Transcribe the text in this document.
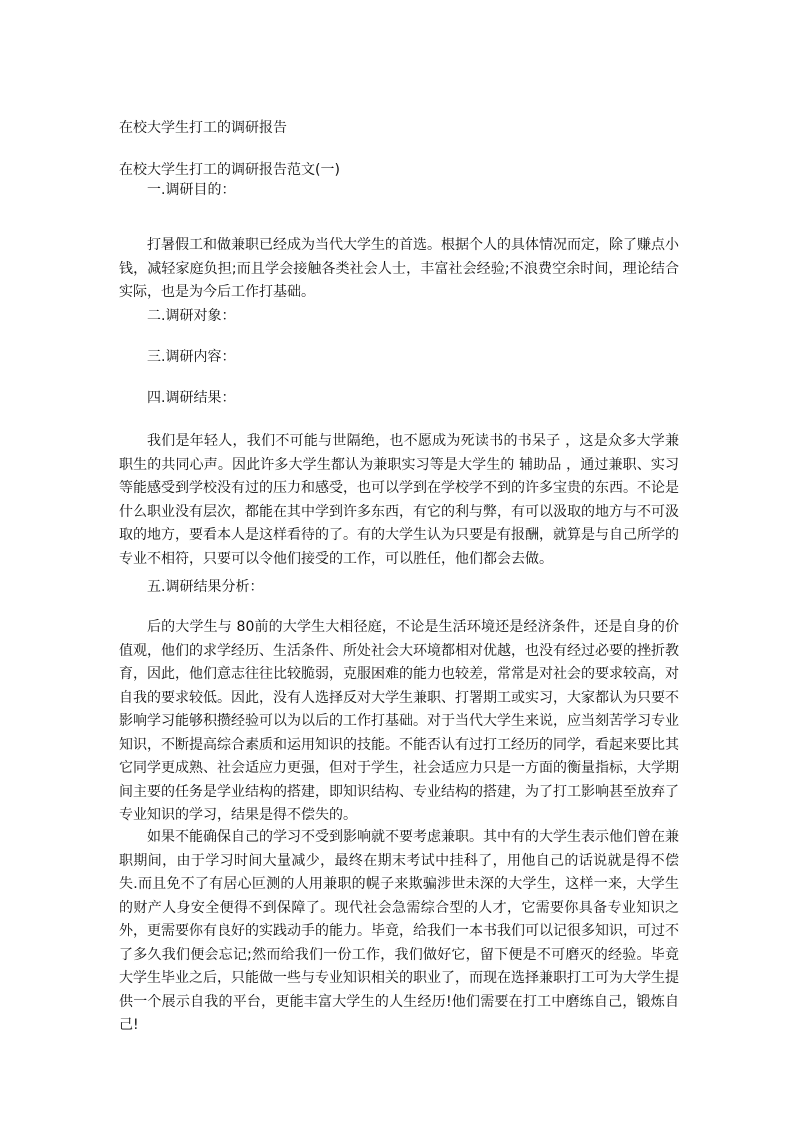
在校大学生打工的调研报告
在校大学生打工的调研报告范文(一)
一.调研目的：

打暑假工和做兼职已经成为当代大学生的首选。根据个人的具体情况而定，除了赚点小钱，减轻家庭负担;而且学会接触各类社会人士，丰富社会经验;不浪费空余时间，理论结合实际，也是为今后工作打基础。

二.调研对象：
三.调研内容：
四.调研结果：

我们是年轻人，我们不可能与世隔绝，也不愿成为死读书的书呆子 ，这是众多大学兼职生的共同心声。因此许多大学生都认为兼职实习等是大学生的 辅助品 ，通过兼职、实习等能感受到学校没有过的压力和感受，也可以学到在学校学不到的许多宝贵的东西。不论是什么职业没有层次，都能在其中学到许多东西，有它的利与弊，有可以汲取的地方与不可汲取的地方，要看本人是这样看待的了。有的大学生认为只要是有报酬，就算是与自己所学的专业不相符，只要可以令他们接受的工作，可以胜任，他们都会去做。

五.调研结果分析：

后的大学生与 80前的大学生大相径庭，不论是生活环境还是经济条件，还是自身的价值观，他们的求学经历、生活条件、所处社会大环境都相对优越，也没有经过必要的挫折教育，因此，他们意志往往比较脆弱，克服困难的能力也较差，常常是对社会的要求较高，对自我的要求较低。因此，没有人选择反对大学生兼职、打署期工或实习，大家都认为只要不影响学习能够积攒经验可以为以后的工作打基础。对于当代大学生来说，应当刻苦学习专业知识，不断提高综合素质和运用知识的技能。不能否认有过打工经历的同学，看起来要比其它同学更成熟、社会适应力更强，但对于学生，社会适应力只是一方面的衡量指标，大学期间主要的任务是学业结构的搭建，即知识结构、专业结构的搭建，为了打工影响甚至放弃了专业知识的学习，结果是得不偿失的。

如果不能确保自己的学习不受到影响就不要考虑兼职。其中有的大学生表示他们曾在兼职期间，由于学习时间大量减少，最终在期末考试中挂科了，用他自己的话说就是得不偿失.而且免不了有居心叵测的人用兼职的幌子来欺骗涉世未深的大学生，这样一来，大学生的财产人身安全便得不到保障了。现代社会急需综合型的人才，它需要你具备专业知识之外，更需要你有良好的实践动手的能力。毕竟，给我们一本书我们可以记很多知识，可过不了多久我们便会忘记;然而给我们一份工作，我们做好它，留下便是不可磨灭的经验。毕竟大学生毕业之后，只能做一些与专业知识相关的职业了，而现在选择兼职打工可为大学生提供一个展示自我的平台，更能丰富大学生的人生经历!他们需要在打工中磨练自己，锻炼自己!
